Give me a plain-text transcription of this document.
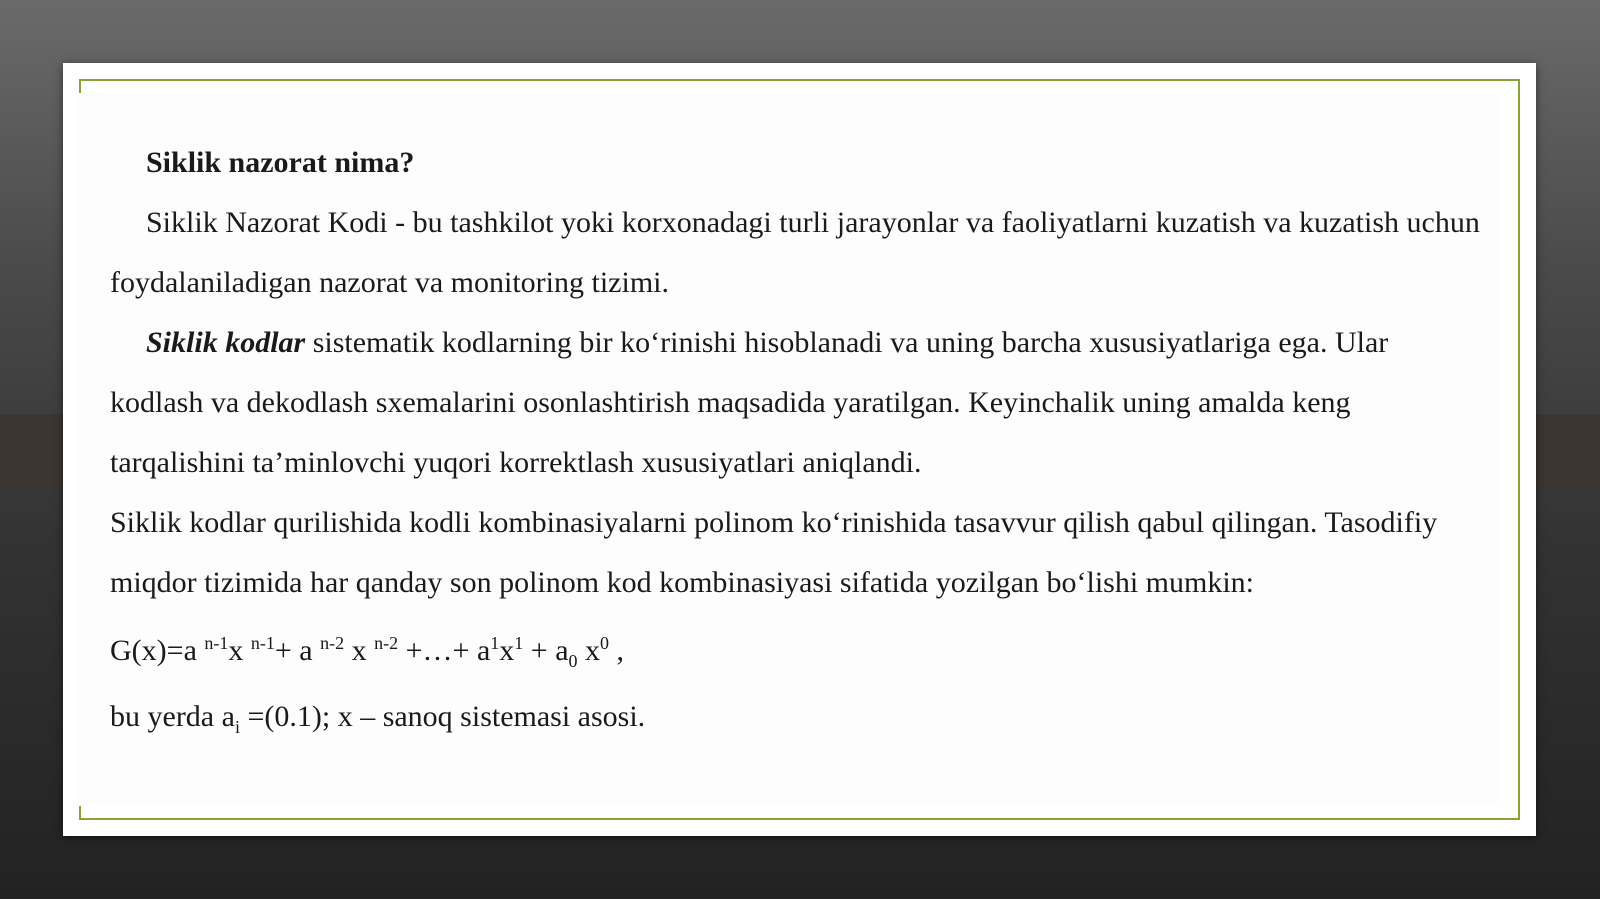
Siklik nazorat nima?

Siklik Nazorat Kodi - bu tashkilot yoki korxonadagi turli jarayonlar va faoliyatlarni kuzatish va kuzatish uchun foydalaniladigan nazorat va monitoring tizimi.

Siklik kodlar sistematik kodlarning bir ko‘rinishi hisoblanadi va uning barcha xususiyatlariga ega. Ular kodlash va dekodlash sxemalarini osonlashtirish maqsadida yaratilgan. Keyinchalik uning amalda keng tarqalishini ta’minlovchi yuqori korrektlash xususiyatlari aniqlandi.

Siklik kodlar qurilishida kodli kombinasiyalarni polinom ko‘rinishida tasavvur qilish qabul qilingan. Tasodifiy miqdor tizimida har qanday son polinom kod kombinasiyasi sifatida yozilgan bo‘lishi mumkin:

G(x)=a $^{n-1}$x $^{n-1}$+ a $^{n-2}$ x $^{n-2}$ +…+ $a^1x^1 + a_0$ $x^0$ ,

bu yerda $a_i =(0.1)$; x – sanoq sistemasi asosi.
